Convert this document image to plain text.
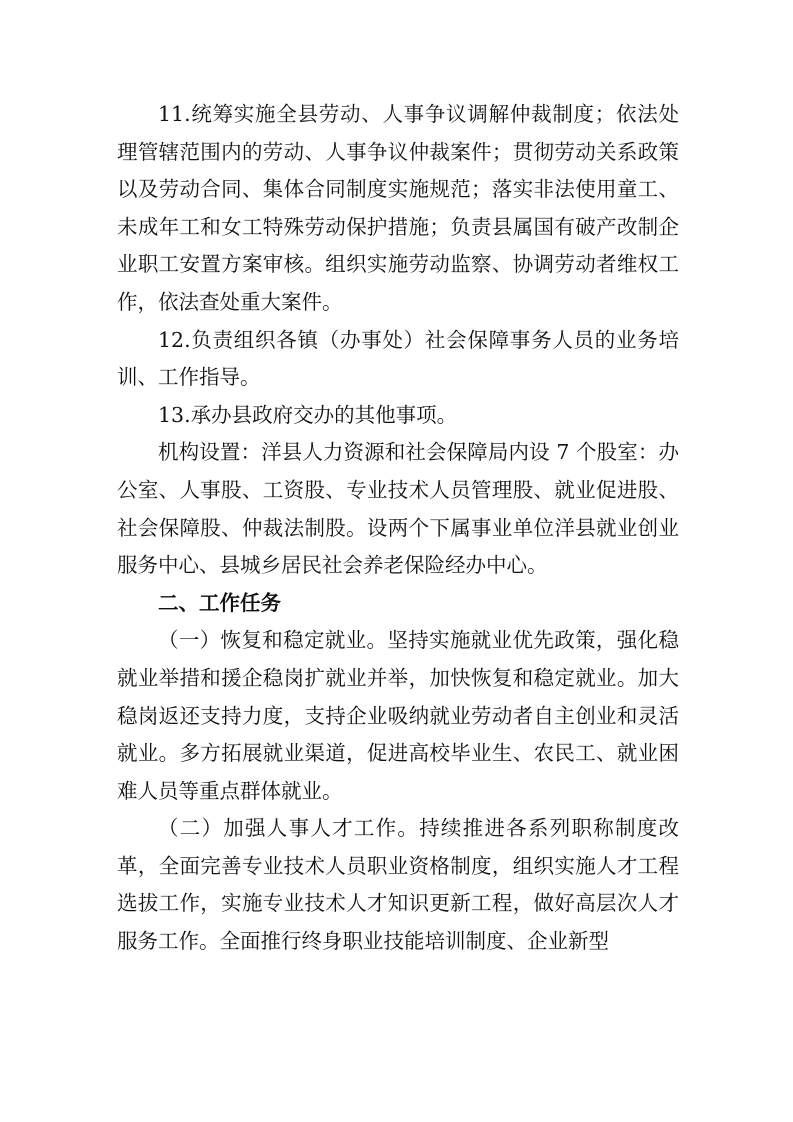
11.统筹实施全县劳动、人事争议调解仲裁制度；依法处理管辖范围内的劳动、人事争议仲裁案件；贯彻劳动关系政策以及劳动合同、集体合同制度实施规范；落实非法使用童工、未成年工和女工特殊劳动保护措施；负责县属国有破产改制企业职工安置方案审核。组织实施劳动监察、协调劳动者维权工作，依法查处重大案件。

12.负责组织各镇（办事处）社会保障事务人员的业务培训、工作指导。

13.承办县政府交办的其他事项。

机构设置：洋县人力资源和社会保障局内设 7 个股室：办公室、人事股、工资股、专业技术人员管理股、就业促进股、社会保障股、仲裁法制股。设两个下属事业单位洋县就业创业服务中心、县城乡居民社会养老保险经办中心。

二、工作任务

（一）恢复和稳定就业。坚持实施就业优先政策，强化稳就业举措和援企稳岗扩就业并举，加快恢复和稳定就业。加大稳岗返还支持力度，支持企业吸纳就业劳动者自主创业和灵活就业。多方拓展就业渠道，促进高校毕业生、农民工、就业困难人员等重点群体就业。

（二）加强人事人才工作。持续推进各系列职称制度改革，全面完善专业技术人员职业资格制度，组织实施人才工程选拔工作，实施专业技术人才知识更新工程，做好高层次人才服务工作。全面推行终身职业技能培训制度、企业新型
